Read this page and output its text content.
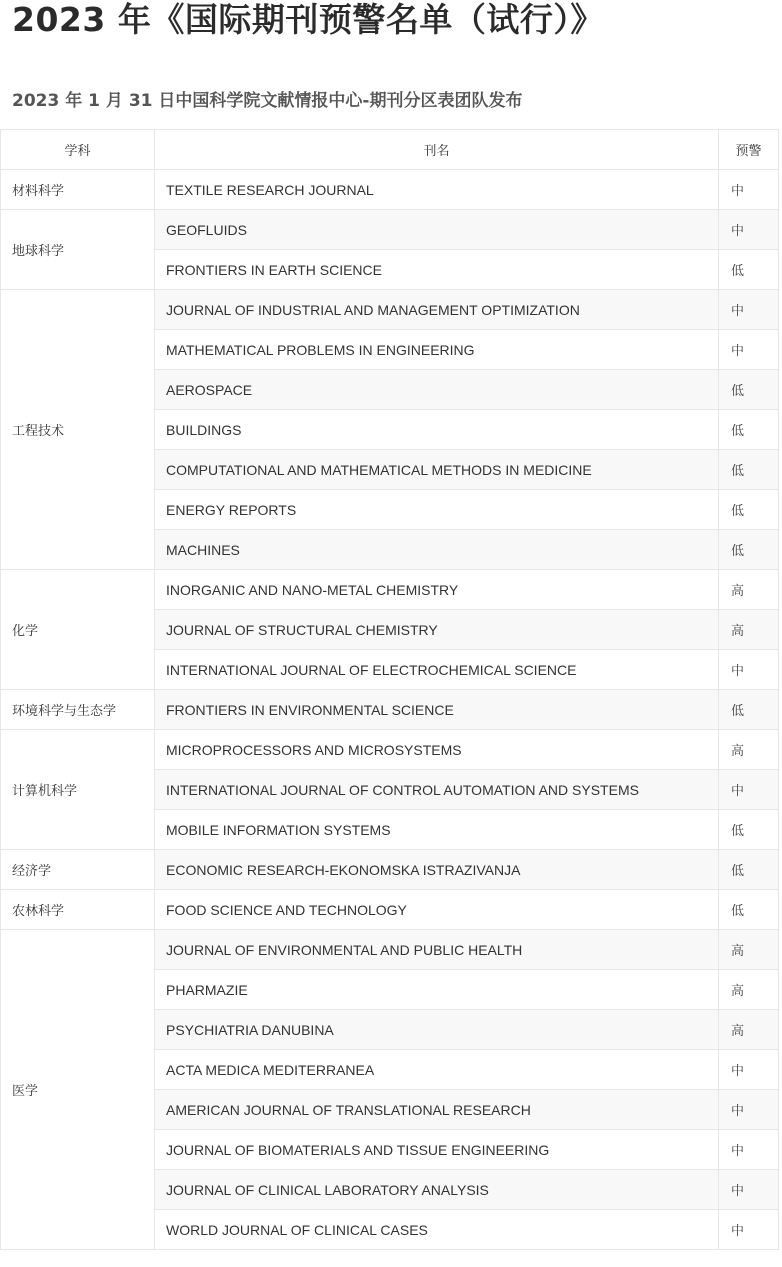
2023 年《国际期刊预警名单（试行）》
2023 年 1 月 31 日中国科学院文献情报中心-期刊分区表团队发布
学科	刊名	预警
材料科学	TEXTILE RESEARCH JOURNAL	中
地球科学	GEOFLUIDS	中
	FRONTIERS IN EARTH SCIENCE	低
工程技术	JOURNAL OF INDUSTRIAL AND MANAGEMENT OPTIMIZATION	中
	MATHEMATICAL PROBLEMS IN ENGINEERING	中
	AEROSPACE	低
	BUILDINGS	低
	COMPUTATIONAL AND MATHEMATICAL METHODS IN MEDICINE	低
	ENERGY REPORTS	低
	MACHINES	低
化学	INORGANIC AND NANO-METAL CHEMISTRY	高
	JOURNAL OF STRUCTURAL CHEMISTRY	高
	INTERNATIONAL JOURNAL OF ELECTROCHEMICAL SCIENCE	中
环境科学与生态学	FRONTIERS IN ENVIRONMENTAL SCIENCE	低
计算机科学	MICROPROCESSORS AND MICROSYSTEMS	高
	INTERNATIONAL JOURNAL OF CONTROL AUTOMATION AND SYSTEMS	中
	MOBILE INFORMATION SYSTEMS	低
经济学	ECONOMIC RESEARCH-EKONOMSKA ISTRAZIVANJA	低
农林科学	FOOD SCIENCE AND TECHNOLOGY	低
医学	JOURNAL OF ENVIRONMENTAL AND PUBLIC HEALTH	高
	PHARMAZIE	高
	PSYCHIATRIA DANUBINA	高
	ACTA MEDICA MEDITERRANEA	中
	AMERICAN JOURNAL OF TRANSLATIONAL RESEARCH	中
	JOURNAL OF BIOMATERIALS AND TISSUE ENGINEERING	中
	JOURNAL OF CLINICAL LABORATORY ANALYSIS	中
	WORLD JOURNAL OF CLINICAL CASES	中
